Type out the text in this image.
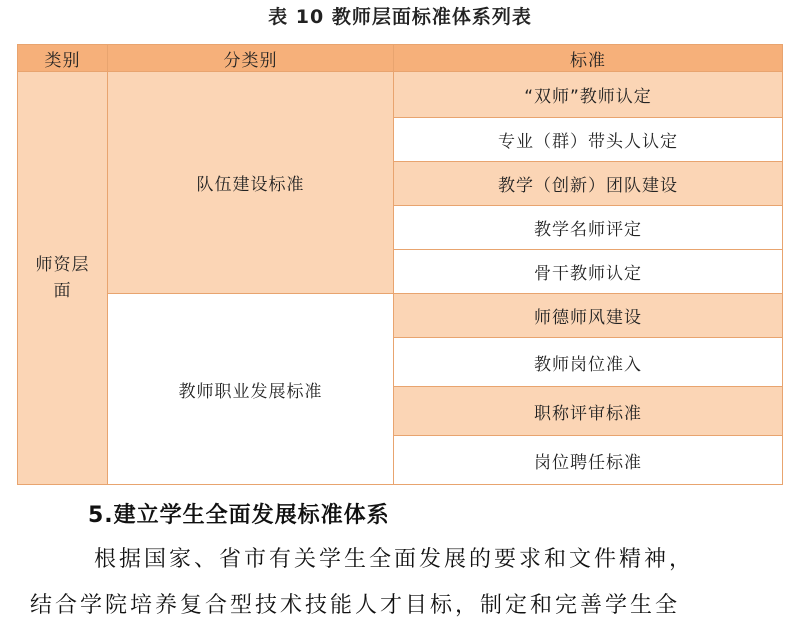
表 10 教师层面标准体系列表
类别	分类别	标准
师资层面	队伍建设标准	“双师”教师认定
		专业（群）带头人认定
		教学（创新）团队建设
		教学名师评定
		骨干教师认定
	教师职业发展标准	师德师风建设
		教师岗位准入
		职称评审标准
		岗位聘任标准
5.建立学生全面发展标准体系
根据国家、省市有关学生全面发展的要求和文件精神，
结合学院培养复合型技术技能人才目标，制定和完善学生全
